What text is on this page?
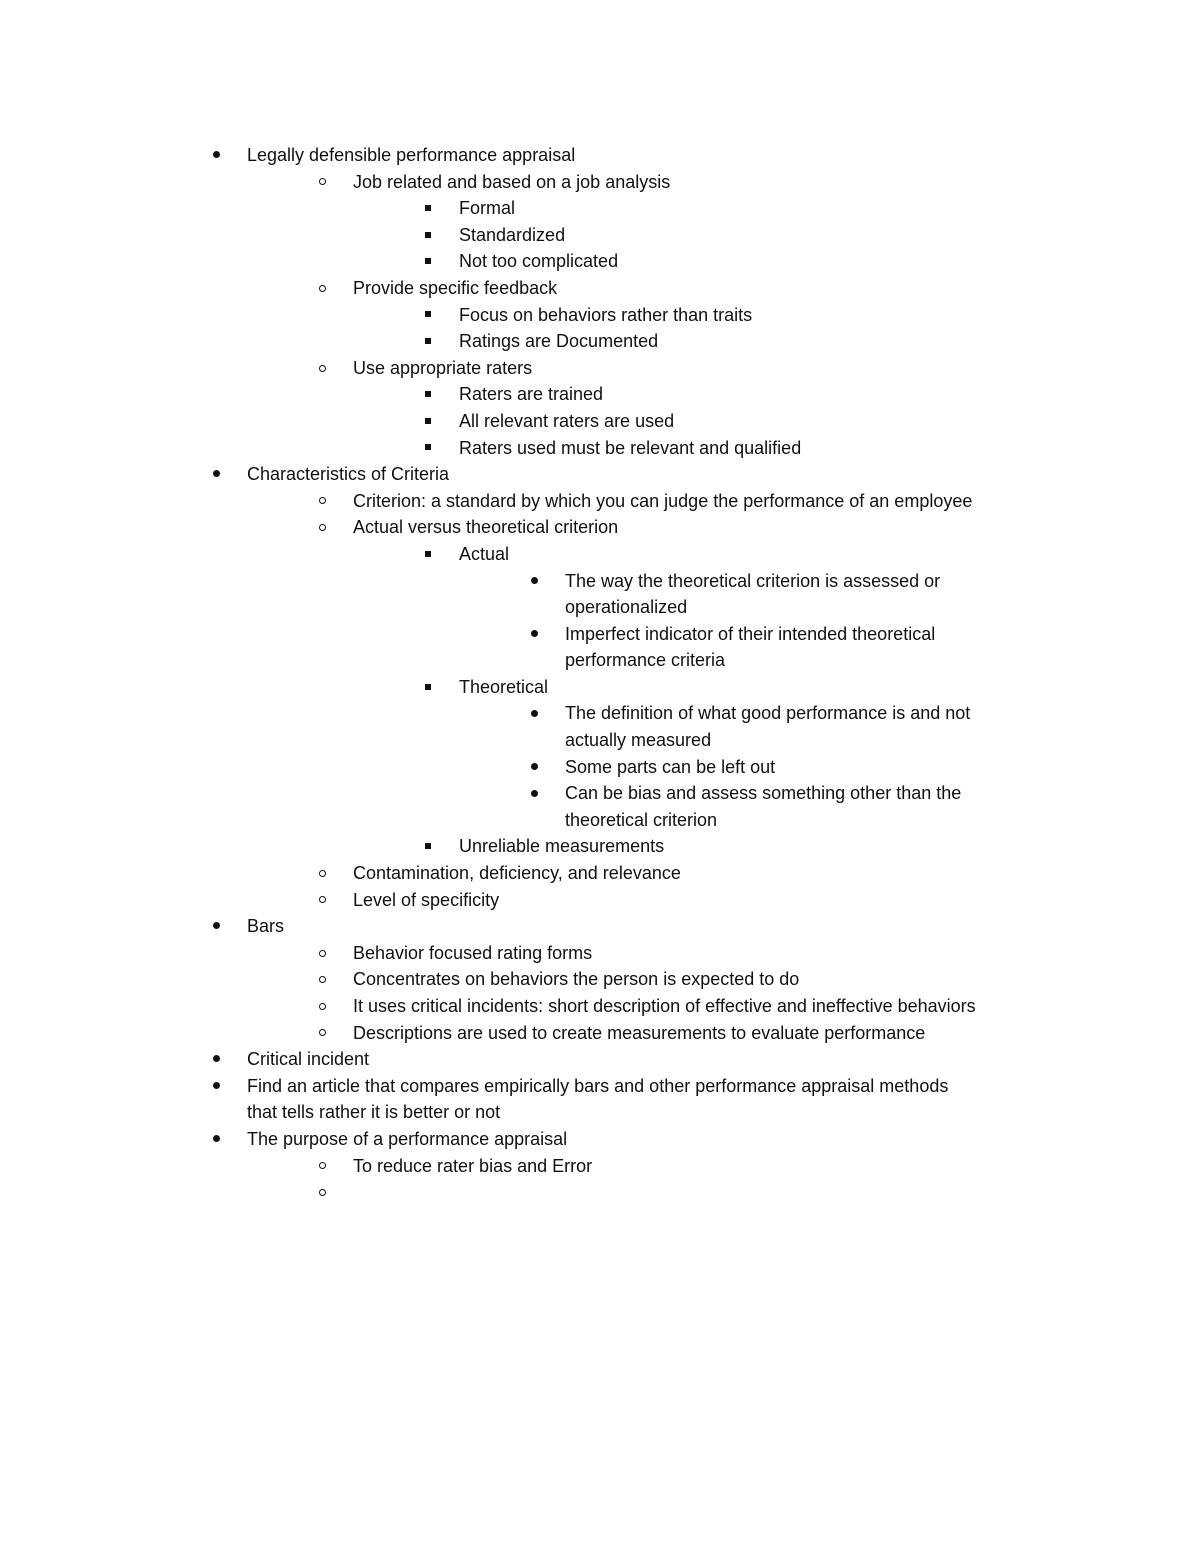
Legally defensible performance appraisal
Job related and based on a job analysis
Formal
Standardized
Not too complicated
Provide specific feedback
Focus on behaviors rather than traits
Ratings are Documented
Use appropriate raters
Raters are trained
All relevant raters are used
Raters used must be relevant and qualified
Characteristics of Criteria
Criterion: a standard by which you can judge the performance of an employee
Actual versus theoretical criterion
Actual
The way the theoretical criterion is assessed or
operationalized
Imperfect indicator of their intended theoretical
performance criteria
Theoretical
The definition of what good performance is and not
actually measured
Some parts can be left out
Can be bias and assess something other than the
theoretical criterion
Unreliable measurements
Contamination, deficiency, and relevance
Level of specificity
Bars
Behavior focused rating forms
Concentrates on behaviors the person is expected to do
It uses critical incidents: short description of effective and ineffective behaviors
Descriptions are used to create measurements to evaluate performance
Critical incident
Find an article that compares empirically bars and other performance appraisal methods
that tells rather it is better or not
The purpose of a performance appraisal
To reduce rater bias and Error
